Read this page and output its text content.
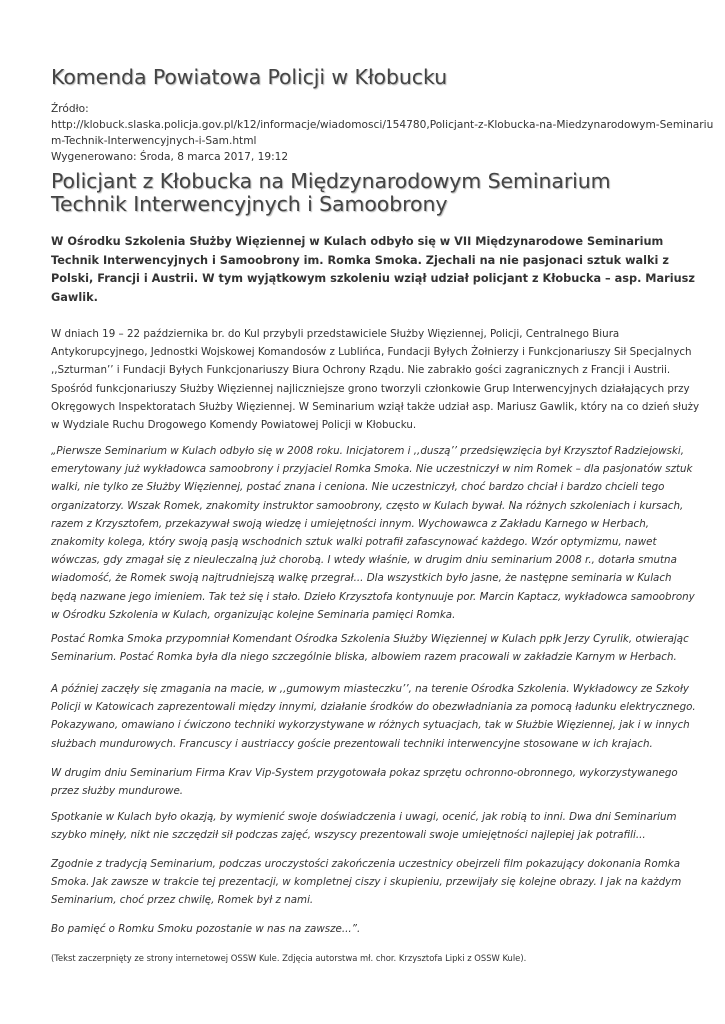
Komenda Powiatowa Policji w Kłobucku
Źródło:
http://klobuck.slaska.policja.gov.pl/k12/informacje/wiadomosci/154780,Policjant-z-Klobucka-na-Miedzynarodowym-Seminariu
m-Technik-Interwencyjnych-i-Sam.html
Wygenerowano: Środa, 8 marca 2017, 19:12
Policjant z Kłobucka na Międzynarodowym Seminarium
Technik Interwencyjnych i Samoobrony
W Ośrodku Szkolenia Służby Więziennej w Kulach odbyło się w VII Międzynarodowe Seminarium
Technik Interwencyjnych i Samoobrony im. Romka Smoka. Zjechali na nie pasjonaci sztuk walki z
Polski, Francji i Austrii. W tym wyjątkowym szkoleniu wziął udział policjant z Kłobucka – asp. Mariusz
Gawlik.
W dniach 19 – 22 października br. do Kul przybyli przedstawiciele Służby Więziennej, Policji, Centralnego Biura
Antykorupcyjnego, Jednostki Wojskowej Komandosów z Lublińca, Fundacji Byłych Żołnierzy i Funkcjonariuszy Sił Specjalnych
,,Szturman’’ i Fundacji Byłych Funkcjonariuszy Biura Ochrony Rządu. Nie zabrakło gości zagranicznych z Francji i Austrii.
Spośród funkcjonariuszy Służby Więziennej najliczniejsze grono tworzyli członkowie Grup Interwencyjnych działających przy
Okręgowych Inspektoratach Służby Więziennej. W Seminarium wziął także udział asp. Mariusz Gawlik, który na co dzień służy
w Wydziale Ruchu Drogowego Komendy Powiatowej Policji w Kłobucku.
„Pierwsze Seminarium w Kulach odbyło się w 2008 roku. Inicjatorem i ,,duszą’’ przedsięwzięcia był Krzysztof Radziejowski,
emerytowany już wykładowca samoobrony i przyjaciel Romka Smoka. Nie uczestniczył w nim Romek – dla pasjonatów sztuk
walki, nie tylko ze Służby Więziennej, postać znana i ceniona. Nie uczestniczył, choć bardzo chciał i bardzo chcieli tego
organizatorzy. Wszak Romek, znakomity instruktor samoobrony, często w Kulach bywał. Na różnych szkoleniach i kursach,
razem z Krzysztofem, przekazywał swoją wiedzę i umiejętności innym. Wychowawca z Zakładu Karnego w Herbach,
znakomity kolega, który swoją pasją wschodnich sztuk walki potrafił zafascynować każdego. Wzór optymizmu, nawet
wówczas, gdy zmagał się z nieuleczalną już chorobą. I wtedy właśnie, w drugim dniu seminarium 2008 r., dotarła smutna
wiadomość, że Romek swoją najtrudniejszą walkę przegrał... Dla wszystkich było jasne, że następne seminaria w Kulach
będą nazwane jego imieniem. Tak też się i stało. Dzieło Krzysztofa kontynuuje por. Marcin Kaptacz, wykładowca samoobrony
w Ośrodku Szkolenia w Kulach, organizując kolejne Seminaria pamięci Romka.
Postać Romka Smoka przypomniał Komendant Ośrodka Szkolenia Służby Więziennej w Kulach ppłk Jerzy Cyrulik, otwierając
Seminarium. Postać Romka była dla niego szczególnie bliska, albowiem razem pracowali w zakładzie Karnym w Herbach.
A później zaczęły się zmagania na macie, w ,,gumowym miasteczku’’, na terenie Ośrodka Szkolenia. Wykładowcy ze Szkoły
Policji w Katowicach zaprezentowali między innymi, działanie środków do obezwładniania za pomocą ładunku elektrycznego.
Pokazywano, omawiano i ćwiczono techniki wykorzystywane w różnych sytuacjach, tak w Służbie Więziennej, jak i w innych
służbach mundurowych. Francuscy i austriaccy goście prezentowali techniki interwencyjne stosowane w ich krajach.
W drugim dniu Seminarium Firma Krav Vip-System przygotowała pokaz sprzętu ochronno-obronnego, wykorzystywanego
przez służby mundurowe.
Spotkanie w Kulach było okazją, by wymienić swoje doświadczenia i uwagi, ocenić, jak robią to inni. Dwa dni Seminarium
szybko minęły, nikt nie szczędził sił podczas zajęć, wszyscy prezentowali swoje umiejętności najlepiej jak potrafili...
Zgodnie z tradycją Seminarium, podczas uroczystości zakończenia uczestnicy obejrzeli film pokazujący dokonania Romka
Smoka. Jak zawsze w trakcie tej prezentacji, w kompletnej ciszy i skupieniu, przewijały się kolejne obrazy. I jak na każdym
Seminarium, choć przez chwilę, Romek był z nami.
Bo pamięć o Romku Smoku pozostanie w nas na zawsze...”.

(Tekst zaczerpnięty ze strony internetowej OSSW Kule. Zdjęcia autorstwa mł. chor. Krzysztofa Lipki z OSSW Kule).
